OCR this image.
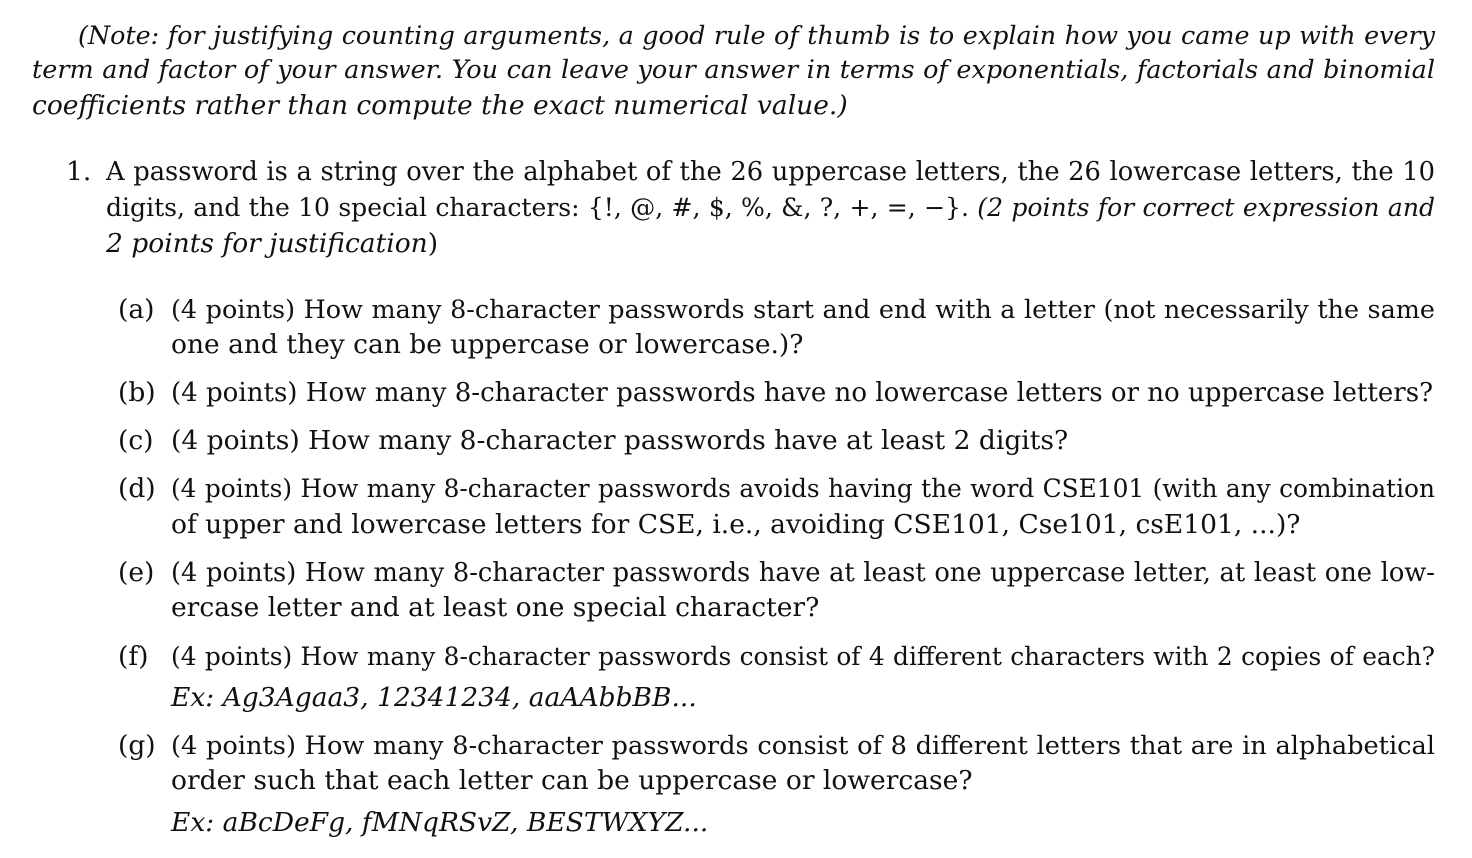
(Note: for justifying counting arguments, a good rule of thumb is to explain how you came up with every
term and factor of your answer. You can leave your answer in terms of exponentials, factorials and binomial
coefficients rather than compute the exact numerical value.)
1. A password is a string over the alphabet of the 26 uppercase letters, the 26 lowercase letters, the 10
digits, and the 10 special characters: {!, @, #, $, %, &, ?, +, =, −}. (2 points for correct expression and
2 points for justification)
(a) (4 points) How many 8-character passwords start and end with a letter (not necessarily the same
one and they can be uppercase or lowercase.)?
(b) (4 points) How many 8-character passwords have no lowercase letters or no uppercase letters?
(c) (4 points) How many 8-character passwords have at least 2 digits?
(d) (4 points) How many 8-character passwords avoids having the word CSE101 (with any combination
of upper and lowercase letters for CSE, i.e., avoiding CSE101, Cse101, csE101, ...)?
(e) (4 points) How many 8-character passwords have at least one uppercase letter, at least one low-
ercase letter and at least one special character?
(f) (4 points) How many 8-character passwords consist of 4 different characters with 2 copies of each?
Ex: Ag3Agaa3, 12341234, aaAAbbBB...
(g) (4 points) How many 8-character passwords consist of 8 different letters that are in alphabetical
order such that each letter can be uppercase or lowercase?
Ex: aBcDeFg, fMNqRSvZ, BESTWXYZ...
